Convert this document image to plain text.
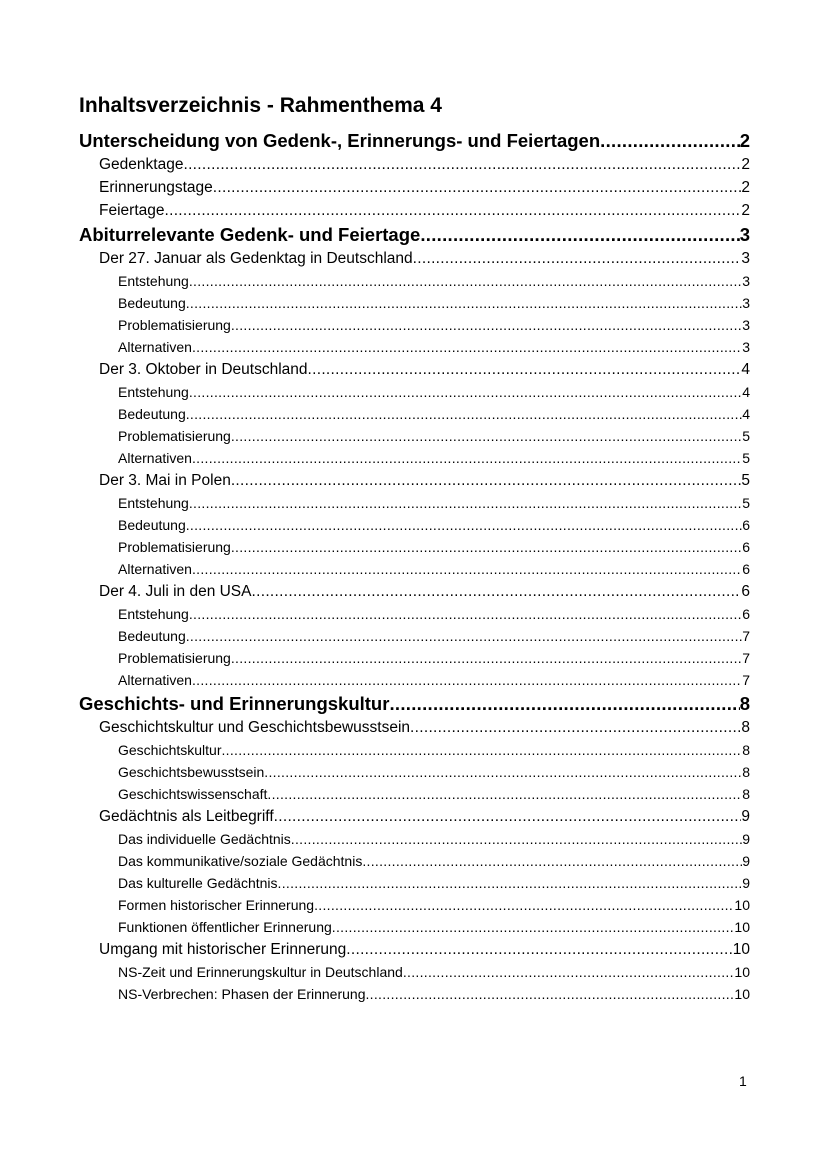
Inhaltsverzeichnis - Rahmenthema 4
Unterscheidung von Gedenk-, Erinnerungs- und Feiertagen .....	2
Gedenktage .....	2
Erinnerungstage .....	2
Feiertage .....	2
Abiturrelevante Gedenk- und Feiertage .....	3
Der 27. Januar als Gedenktag in Deutschland .....	3
Entstehung .....	3
Bedeutung .....	3
Problematisierung .....	3
Alternativen .....	3
Der 3. Oktober in Deutschland .....	4
Entstehung .....	4
Bedeutung .....	4
Problematisierung .....	5
Alternativen .....	5
Der 3. Mai in Polen .....	5
Entstehung .....	5
Bedeutung .....	6
Problematisierung .....	6
Alternativen .....	6
Der 4. Juli in den USA .....	6
Entstehung .....	6
Bedeutung .....	7
Problematisierung .....	7
Alternativen .....	7
Geschichts- und Erinnerungskultur .....	8
Geschichtskultur und Geschichtsbewusstsein .....	8
Geschichtskultur .....	8
Geschichtsbewusstsein .....	8
Geschichtswissenschaft .....	8
Gedächtnis als Leitbegriff .....	9
Das individuelle Gedächtnis .....	9
Das kommunikative/soziale Gedächtnis .....	9
Das kulturelle Gedächtnis .....	9
Formen historischer Erinnerung .....	10
Funktionen öffentlicher Erinnerung .....	10
Umgang mit historischer Erinnerung .....	10
NS-Zeit und Erinnerungskultur in Deutschland .....	10
NS-Verbrechen: Phasen der Erinnerung .....	10
1
